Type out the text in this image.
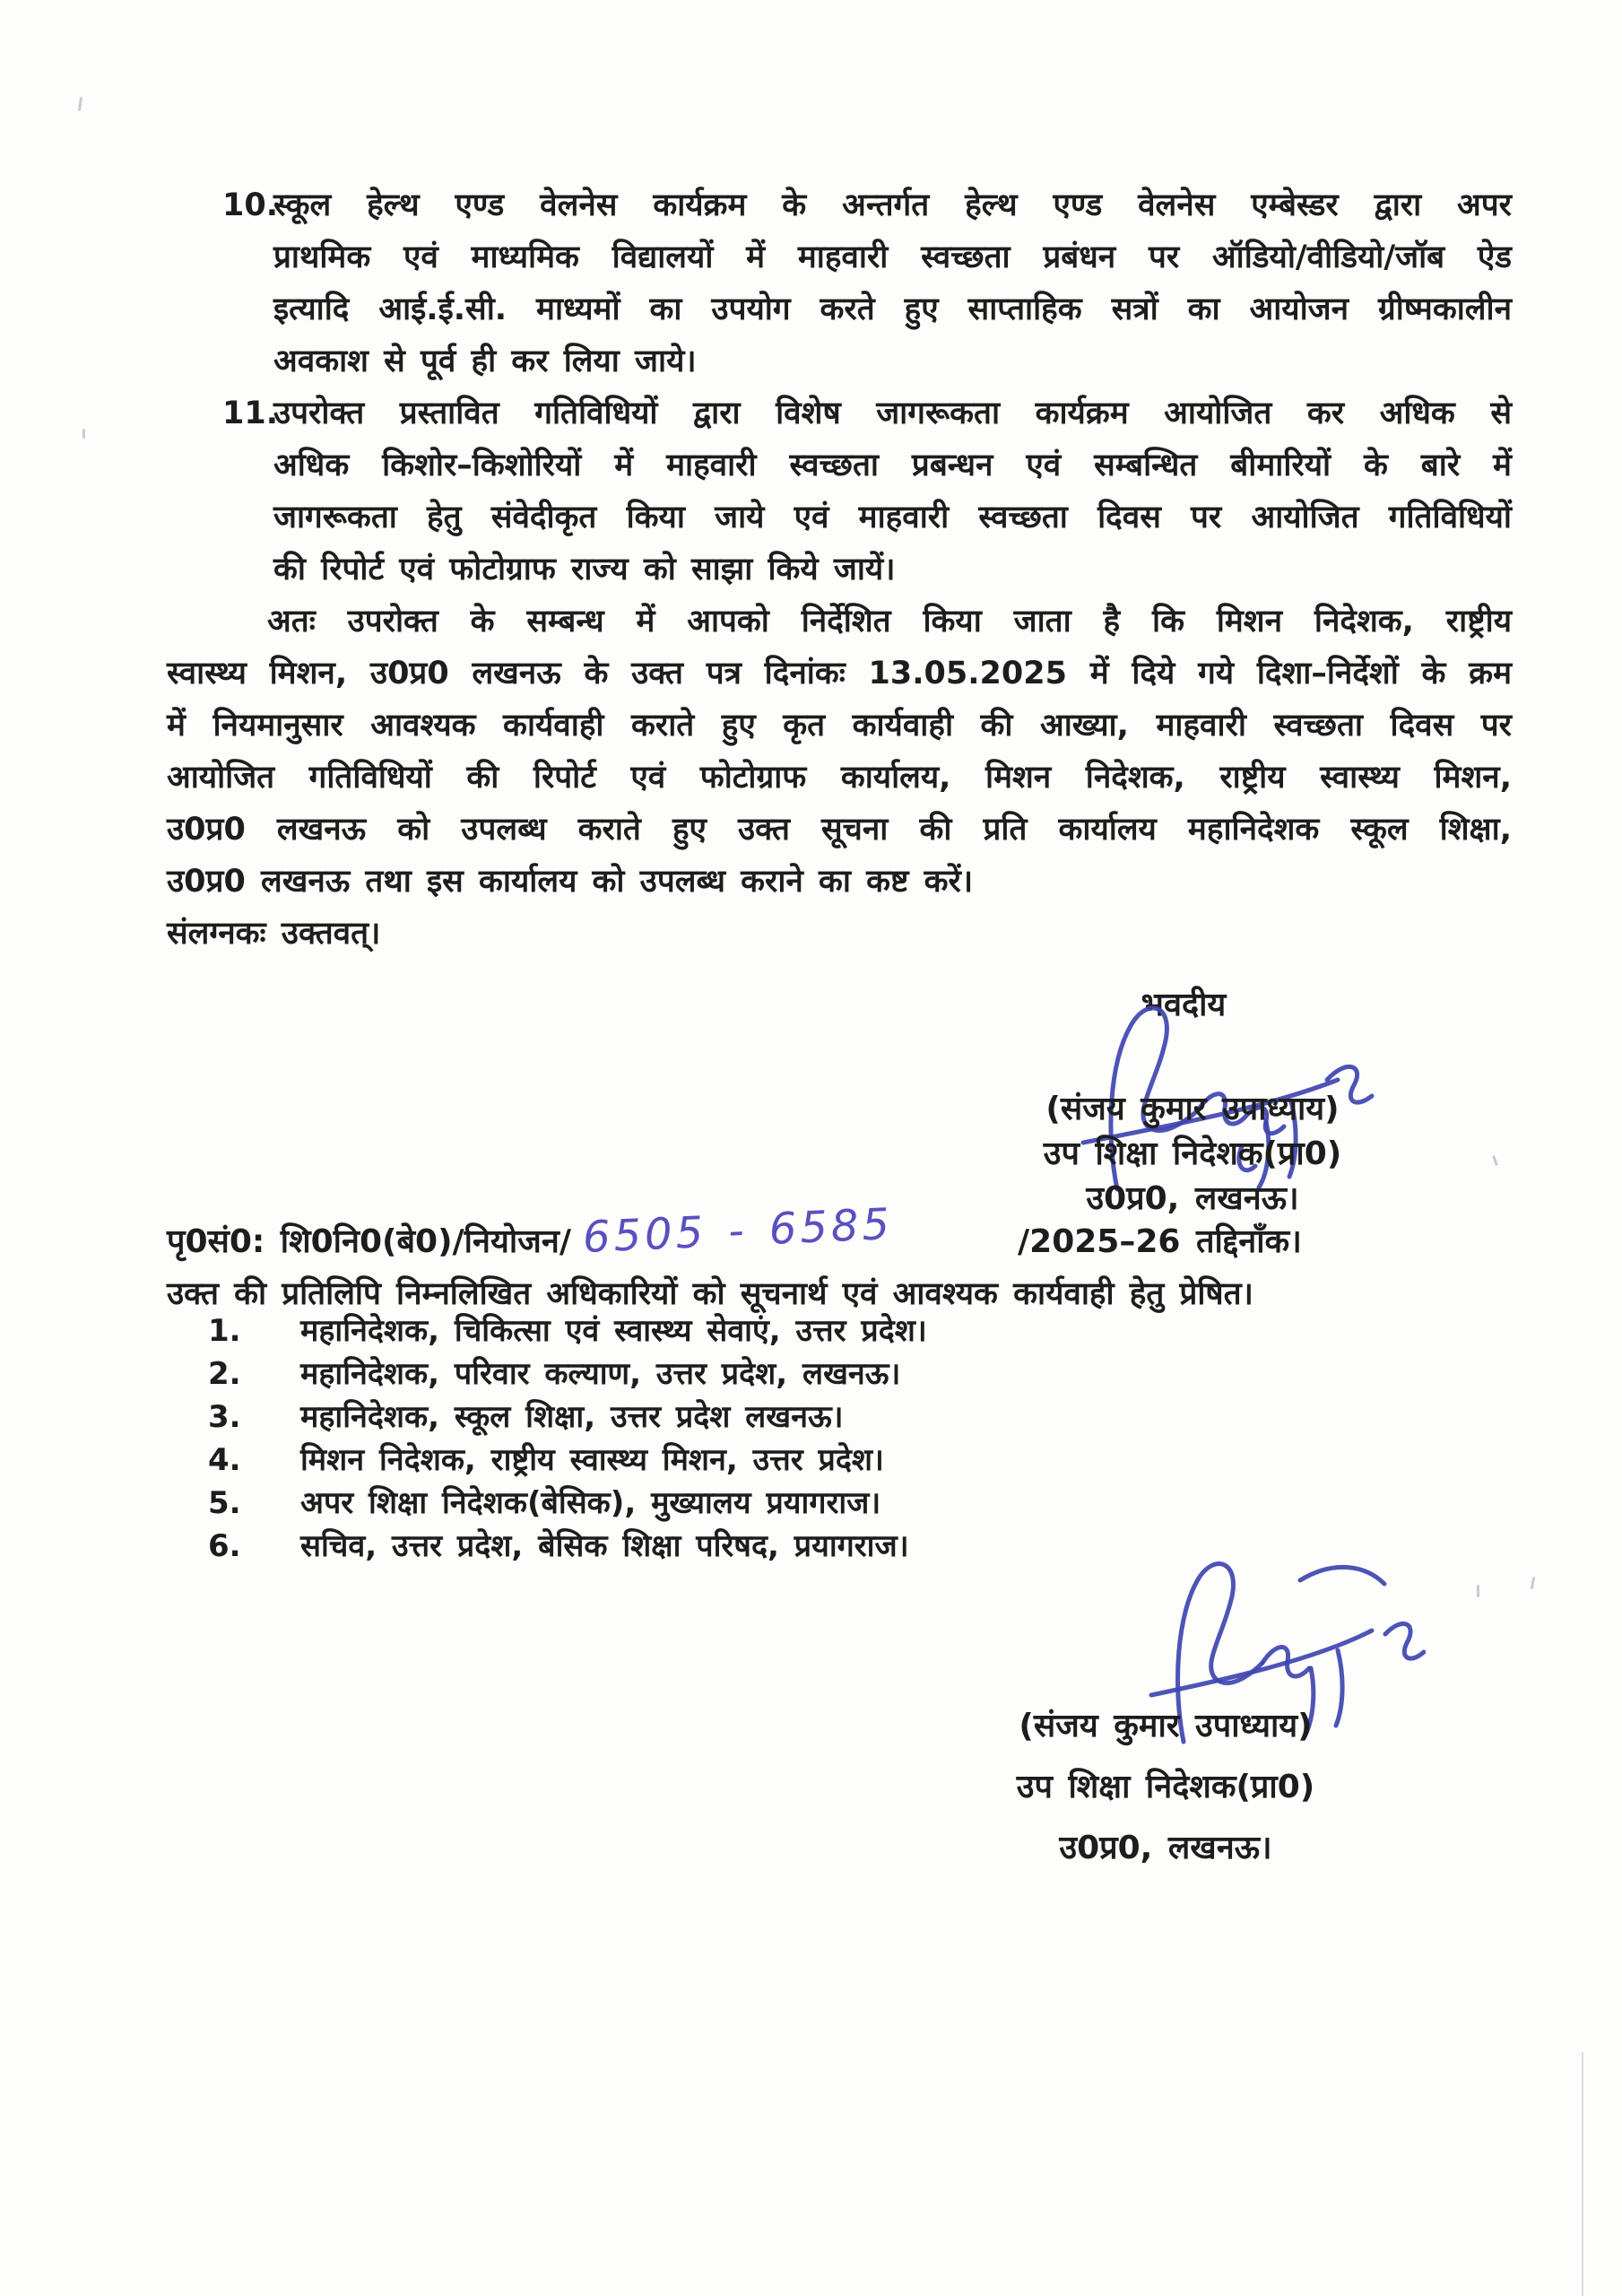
10.
स्कूल हेल्थ एण्ड वेलनेस कार्यक्रम के अन्तर्गत हेल्थ एण्ड वेलनेस एम्बेस्डर द्वारा अपर
प्राथमिक एवं माध्यमिक विद्यालयों में माहवारी स्वच्छता प्रबंधन पर ऑडियो/वीडियो/जॉब ऐड
इत्यादि आई.ई.सी. माध्यमों का उपयोग करते हुए साप्ताहिक सत्रों का आयोजन ग्रीष्मकालीन
अवकाश से पूर्व ही कर लिया जाये।
11.
उपरोक्त प्रस्तावित गतिविधियों द्वारा विशेष जागरूकता कार्यक्रम आयोजित कर अधिक से
अधिक किशोर–किशोरियों में माहवारी स्वच्छता प्रबन्धन एवं सम्बन्धित बीमारियों के बारे में
जागरूकता हेतु संवेदीकृत किया जाये एवं माहवारी स्वच्छता दिवस पर आयोजित गतिविधियों
की रिपोर्ट एवं फोटोग्राफ राज्य को साझा किये जायें।
अतः उपरोक्त के सम्बन्ध में आपको निर्देशित किया जाता है कि मिशन निदेशक, राष्ट्रीय
स्वास्थ्य मिशन, उ0प्र0 लखनऊ के उक्त पत्र दिनांकः 13.05.2025 में दिये गये दिशा–निर्देशों के क्रम
में नियमानुसार आवश्यक कार्यवाही कराते हुए कृत कार्यवाही की आख्या, माहवारी स्वच्छता दिवस पर
आयोजित गतिविधियों की रिपोर्ट एवं फोटोग्राफ कार्यालय, मिशन निदेशक, राष्ट्रीय स्वास्थ्य मिशन,
उ0प्र0 लखनऊ को उपलब्ध कराते हुए उक्त सूचना की प्रति कार्यालय महानिदेशक स्कूल शिक्षा,
उ0प्र0 लखनऊ तथा इस कार्यालय को उपलब्ध कराने का कष्ट करें।
संलग्नकः उक्तवत्।
भवदीय
(संजय कुमार उपाध्याय)
उप शिक्षा निदेशक(प्रा0)
उ0प्र0, लखनऊ।
पृ0सं0: शि0नि0(बे0)/नियोजन/ 6505 - 6585	/2025–26 तद्दिनाँक।
उक्त की प्रतिलिपि निम्नलिखित अधिकारियों को सूचनार्थ एवं आवश्यक कार्यवाही हेतु प्रेषित।
1.	महानिदेशक, चिकित्सा एवं स्वास्थ्य सेवाएं, उत्तर प्रदेश।
2.	महानिदेशक, परिवार कल्याण, उत्तर प्रदेश, लखनऊ।
3.	महानिदेशक, स्कूल शिक्षा, उत्तर प्रदेश लखनऊ।
4.	मिशन निदेशक, राष्ट्रीय स्वास्थ्य मिशन, उत्तर प्रदेश।
5.	अपर शिक्षा निदेशक(बेसिक), मुख्यालय प्रयागराज।
6.	सचिव, उत्तर प्रदेश, बेसिक शिक्षा परिषद, प्रयागराज।
(संजय कुमार उपाध्याय)
उप शिक्षा निदेशक(प्रा0)
उ0प्र0, लखनऊ।
